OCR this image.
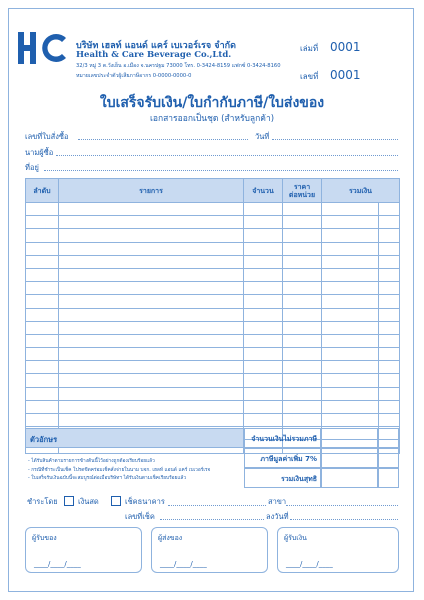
บริษัท เฮลท์ แอนด์ แคร์ เบเวอร์เรจ จำกัด
Health & Care Beverage Co.,Ltd.
32/3 หมู่ 3 ต.วังเย็น อ.เมือง จ.นครปฐม 73000 โทร. 0-3424-8159 แฟกซ์ 0-3424-8160
หมายเลขประจำตัวผู้เสียภาษีอากร 0-0000-0000-0
เล่มที่ 0001
เลขที่ 0001
ใบเสร็จรับเงิน/ใบกำกับภาษี/ใบส่งของ
เอกสารออกเป็นชุด (สำหรับลูกค้า)
เลขที่ใบสั่งซื้อ	วันที่
นามผู้ซื้อ
ที่อยู่
ลำดับ	รายการ	จำนวน	ราคา
ต่อหน่วย	รวมเงิน	

ตัวอักษร	จำนวนเงินไม่รวมภาษี
ภาษีมูลค่าเพิ่ม 7%
รวมเงินสุทธิ
- ได้รับสินค้าตามรายการข้างต้นนี้ไว้อย่างถูกต้องเรียบร้อยแล้ว
- กรณีที่ชำระเป็นเช็ค โปรดขีดคร่อมเช็คสั่งจ่ายในนาม บจก. เฮลท์ แอนด์ แคร์ เบเวอร์เรจ
- ใบเสร็จรับเงินฉบับนี้จะสมบูรณ์ต่อเมื่อบริษัทฯ ได้รับเงินตามเช็คเรียบร้อยแล้ว
ชำระโดย	เงินสด	เช็คธนาคาร	สาขา
เลขที่เช็ค	ลงวันที่
ผู้รับของ
____/____/____
ผู้ส่งของ
____/____/____
ผู้รับเงิน
____/____/____
